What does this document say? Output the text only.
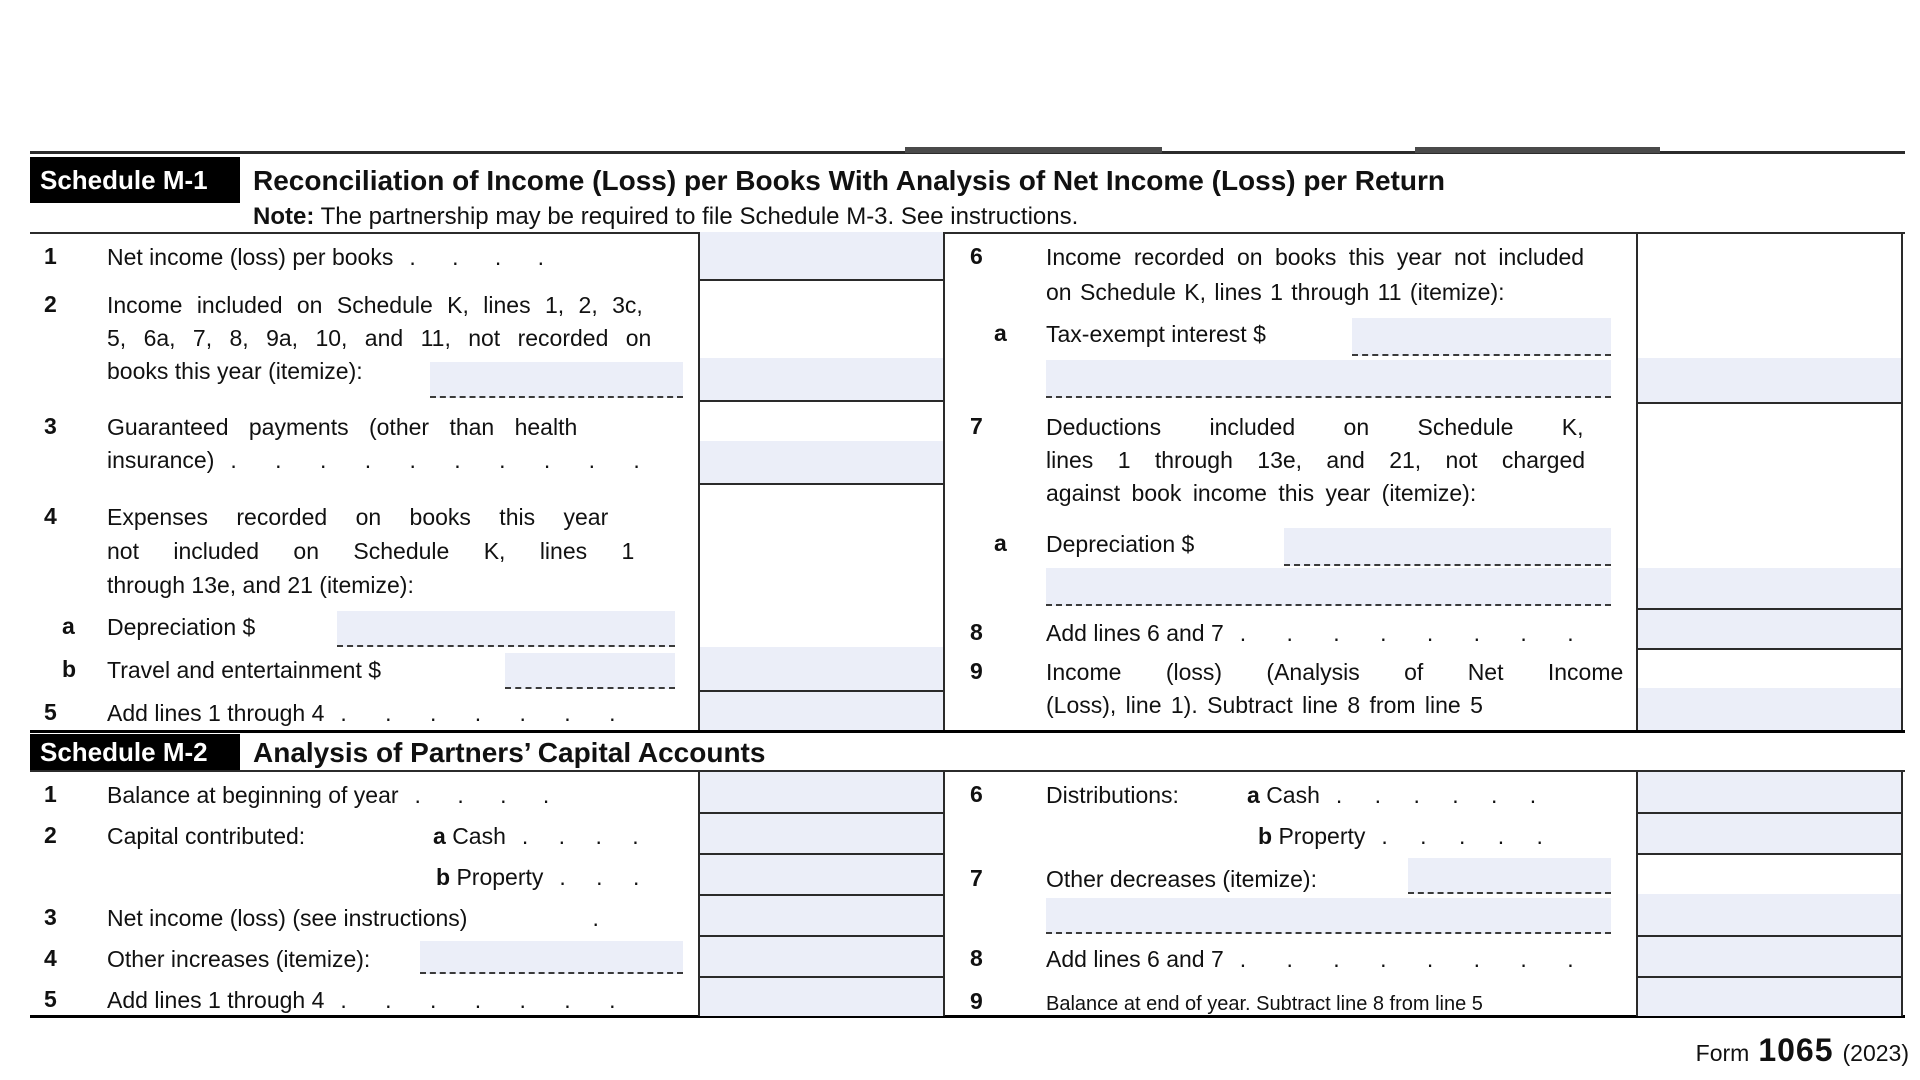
Schedule M-1	Reconciliation of Income (Loss) per Books With Analysis of Net Income (Loss) per Return
Note: The partnership may be required to file Schedule M-3. See instructions.
1 Net income (loss) per books . . . .
2 Income included on Schedule K, lines 1, 2, 3c,
5, 6a, 7, 8, 9a, 10, and 11, not recorded on
books this year (itemize):
3 Guaranteed payments (other than health
insurance) . . . . . . . . . .
4 Expenses recorded on books this year
not included on Schedule K, lines 1
through 13e, and 21 (itemize):
a Depreciation $
b Travel and entertainment $
5 Add lines 1 through 4 . . . . . . .
6	Income recorded on books this year not included
on Schedule K, lines 1 through 11 (itemize):
a Tax-exempt interest $
7	Deductions included on Schedule K,
lines 1 through 13e, and 21, not charged
against book income this year (itemize):
a Depreciation $
8	Add lines 6 and 7 . . . . . . . .
9	Income (loss) (Analysis of Net Income
(Loss), line 1). Subtract line 8 from line 5
Schedule M-2	Analysis of Partners’ Capital Accounts
1 Balance at beginning of year . . . .
2 Capital contributed:	a Cash . . . .
b Property . . .
3 Net income (loss) (see instructions)	.
4 Other increases (itemize):
5 Add lines 1 through 4 . . . . . . .
6	Distributions:	a Cash . . . . . .
b Property . . . . .
7	Other decreases (itemize):
8	Add lines 6 and 7 . . . . . . . .
9	Balance at end of year. Subtract line 8 from line 5
Form 1065 (2023)
